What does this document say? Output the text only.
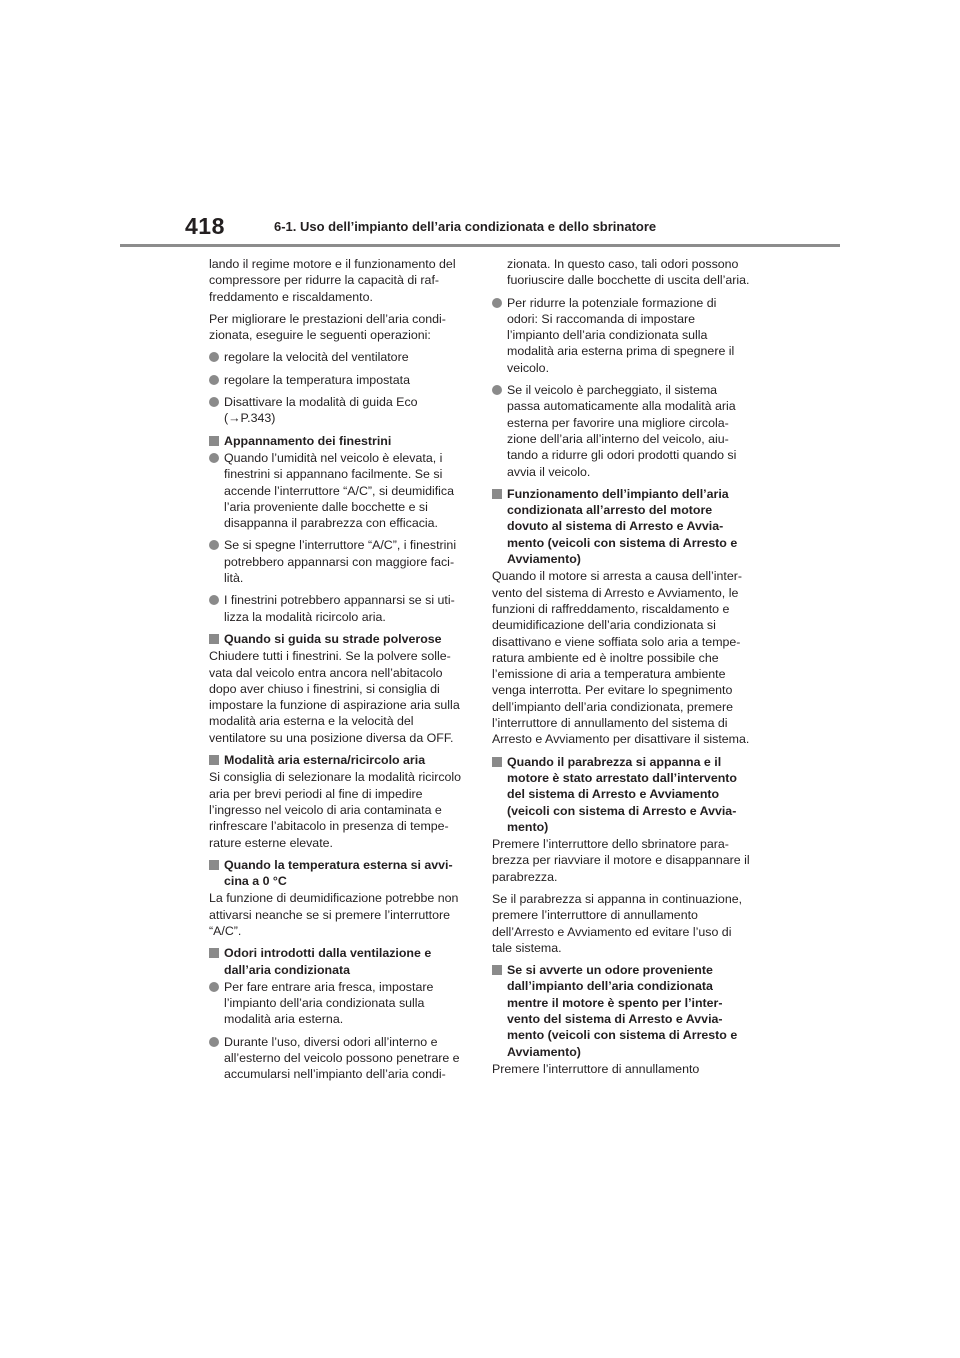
418	6-1. Uso dell’impianto dell’aria condizionata e dello sbrinatore
lando il regime motore e il funzionamento del compressore per ridurre la capacità di raffreddamento e riscaldamento.
Per migliorare le prestazioni dell’aria condizionata, eseguire le seguenti operazioni:
regolare la velocità del ventilatore
regolare la temperatura impostata
Disattivare la modalità di guida Eco (→P.343)
Appannamento dei finestrini
Quando l’umidità nel veicolo è elevata, i finestrini si appannano facilmente. Se si accende l’interruttore “A/C”, si deumidifica l’aria proveniente dalle bocchette e si disappanna il parabrezza con efficacia.
Se si spegne l’interruttore “A/C”, i finestrini potrebbero appannarsi con maggiore facilità.
I finestrini potrebbero appannarsi se si utilizza la modalità ricircolo aria.
Quando si guida su strade polverose
Chiudere tutti i finestrini. Se la polvere sollevata dal veicolo entra ancora nell’abitacolo dopo aver chiuso i finestrini, si consiglia di impostare la funzione di aspirazione aria sulla modalità aria esterna e la velocità del ventilatore su una posizione diversa da OFF.
Modalità aria esterna/ricircolo aria
Si consiglia di selezionare la modalità ricircolo aria per brevi periodi al fine di impedire l’ingresso nel veicolo di aria contaminata e rinfrescare l’abitacolo in presenza di temperature esterne elevate.
Quando la temperatura esterna si avvicina a 0 °C
La funzione di deumidificazione potrebbe non attivarsi neanche se si premere l’interruttore “A/C”.
Odori introdotti dalla ventilazione e dall’aria condizionata
Per fare entrare aria fresca, impostare l’impianto dell’aria condizionata sulla modalità aria esterna.
Durante l’uso, diversi odori all’interno e all’esterno del veicolo possono penetrare e accumularsi nell’impianto dell’aria condi-
zionata. In questo caso, tali odori possono fuoriuscire dalle bocchette di uscita dell’aria.
Per ridurre la potenziale formazione di odori: Si raccomanda di impostare l’impianto dell’aria condizionata sulla modalità aria esterna prima di spegnere il veicolo.
Se il veicolo è parcheggiato, il sistema passa automaticamente alla modalità aria esterna per favorire una migliore circolazione dell’aria all’interno del veicolo, aiutando a ridurre gli odori prodotti quando si avvia il veicolo.
Funzionamento dell’impianto dell’aria condizionata all’arresto del motore dovuto al sistema di Arresto e Avviamento (veicoli con sistema di Arresto e Avviamento)
Quando il motore si arresta a causa dell’intervento del sistema di Arresto e Avviamento, le funzioni di raffreddamento, riscaldamento e deumidificazione dell’aria condizionata si disattivano e viene soffiata solo aria a temperatura ambiente ed è inoltre possibile che l’emissione di aria a temperatura ambiente venga interrotta. Per evitare lo spegnimento dell’impianto dell’aria condizionata, premere l’interruttore di annullamento del sistema di Arresto e Avviamento per disattivare il sistema.
Quando il parabrezza si appanna e il motore è stato arrestato dall’intervento del sistema di Arresto e Avviamento (veicoli con sistema di Arresto e Avviamento)
Premere l’interruttore dello sbrinatore parabrezza per riavviare il motore e disappannare il parabrezza.
Se il parabrezza si appanna in continuazione, premere l’interruttore di annullamento dell’Arresto e Avviamento ed evitare l’uso di tale sistema.
Se si avverte un odore proveniente dall’impianto dell’aria condizionata mentre il motore è spento per l’intervento del sistema di Arresto e Avviamento (veicoli con sistema di Arresto e Avviamento)
Premere l’interruttore di annullamento
